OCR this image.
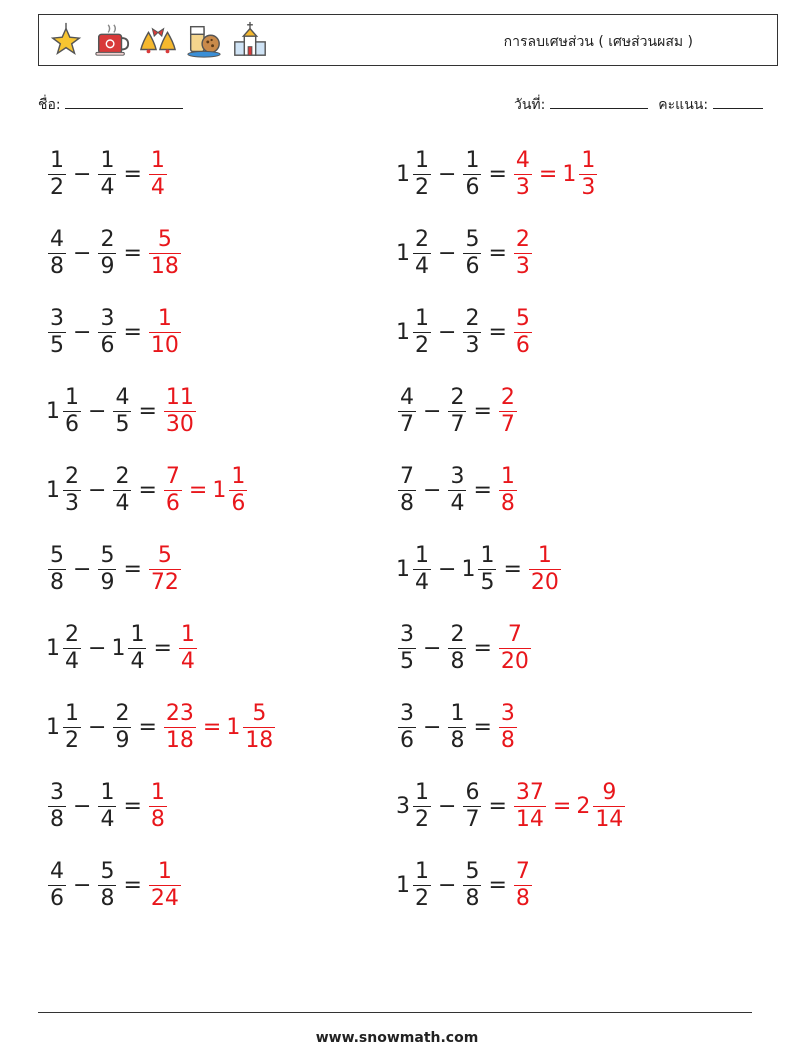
การลบเศษส่วน ( เศษส่วนผสม )
ชื่อ:	วันที่:	คะแนน:
$\frac{1}{2} - \frac{1}{4} = \frac{1}{4}$
$\frac{4}{8} - \frac{2}{9} = \frac{5}{18}$
$\frac{3}{5} - \frac{3}{6} = \frac{1}{10}$
$1 \frac{1}{6} - \frac{4}{5} = \frac{11}{30}$
$1 \frac{2}{3} - \frac{2}{4} = \frac{7}{6} = 1 \frac{1}{6}$
$\frac{5}{8} - \frac{5}{9} = \frac{5}{72}$
$1 \frac{2}{4} - 1 \frac{1}{4} = \frac{1}{4}$
$1 \frac{1}{2} - \frac{2}{9} = \frac{23}{18} = 1 \frac{5}{18}$
$\frac{3}{8} - \frac{1}{4} = \frac{1}{8}$
$\frac{4}{6} - \frac{5}{8} = \frac{1}{24}$
$1 \frac{1}{2} - \frac{1}{6} = \frac{4}{3} = 1 \frac{1}{3}$
$1 \frac{2}{4} - \frac{5}{6} = \frac{2}{3}$
$1 \frac{1}{2} - \frac{2}{3} = \frac{5}{6}$
$\frac{4}{7} - \frac{2}{7} = \frac{2}{7}$
$\frac{7}{8} - \frac{3}{4} = \frac{1}{8}$
$1 \frac{1}{4} - 1 \frac{1}{5} = \frac{1}{20}$
$\frac{3}{5} - \frac{2}{8} = \frac{7}{20}$
$\frac{3}{6} - \frac{1}{8} = \frac{3}{8}$
$3 \frac{1}{2} - \frac{6}{7} = \frac{37}{14} = 2 \frac{9}{14}$
$1 \frac{1}{2} - \frac{5}{8} = \frac{7}{8}$
www.snowmath.com
